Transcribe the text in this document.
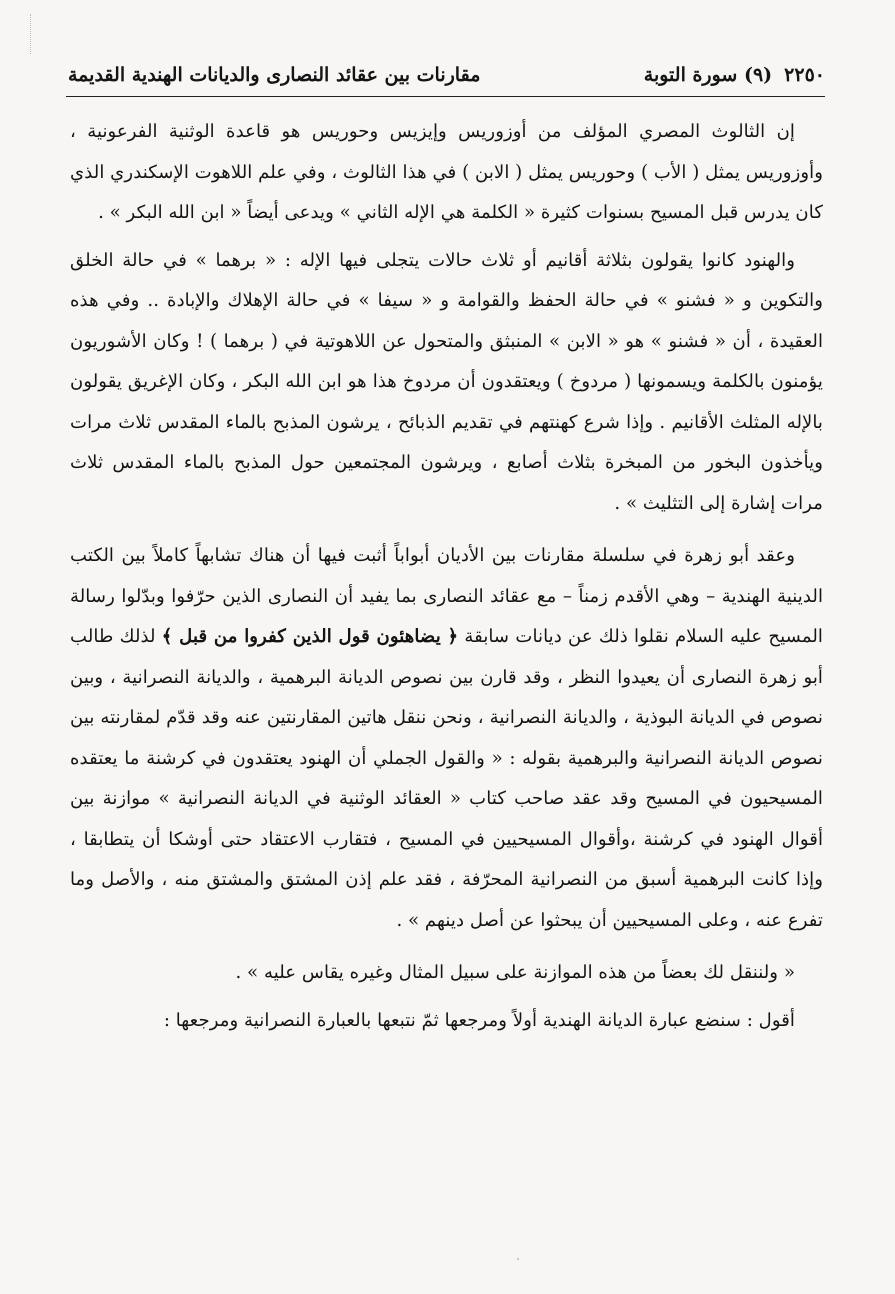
٢٢٥٠
(٩) سورة التوبة
مقارنات بين عقائد النصارى والديانات الهندية القديمة

إن الثالوث المصري المؤلف من أوزوريس وإيزيس وحوريس هو قاعدة الوثنية الفرعونية ، وأوزوريس يمثل ( الأب ) وحوريس يمثل ( الابن ) في هذا الثالوث ، وفي علم اللاهوت الإسكندري الذي كان يدرس قبل المسيح بسنوات كثيرة « الكلمة هي الإله الثاني » ويدعى أيضاً « ابن الله البكر » .

والهنود كانوا يقولون بثلاثة أقانيم أو ثلاث حالات يتجلى فيها الإله : « برهما » في حالة الخلق والتكوين و « فشنو » في حالة الحفظ والقوامة و « سيفا » في حالة الإهلاك والإبادة .. وفي هذه العقيدة ، أن « فشنو » هو « الابن » المنبثق والمتحول عن اللاهوتية في ( برهما ) ! وكان الأشوريون يؤمنون بالكلمة ويسمونها ( مردوخ ) ويعتقدون أن مردوخ هذا هو ابن الله البكر ، وكان الإغريق يقولون بالإله المثلث الأقانيم . وإذا شرع كهنتهم في تقديم الذبائح ، يرشون المذبح بالماء المقدس ثلاث مرات ويأخذون البخور من المبخرة بثلاث أصابع ، ويرشون المجتمعين حول المذبح بالماء المقدس ثلاث مرات إشارة إلى التثليث » .

وعقد أبو زهرة في سلسلة مقارنات بين الأديان أبواباً أثبت فيها أن هناك تشابهاً كاملاً بين الكتب الدينية الهندية – وهي الأقدم زمناً – مع عقائد النصارى بما يفيد أن النصارى الذين حرّفوا وبدّلوا رسالة المسيح عليه السلام نقلوا ذلك عن ديانات سابقة ﴿ يضاهئون قول الذين كفروا من قبل ﴾ لذلك طالب أبو زهرة النصارى أن يعيدوا النظر ، وقد قارن بين نصوص الديانة البرهمية ، والديانة النصرانية ، وبين نصوص في الديانة البوذية ، والديانة النصرانية ، ونحن ننقل هاتين المقارنتين عنه وقد قدّم لمقارنته بين نصوص الديانة النصرانية والبرهمية بقوله : « والقول الجملي أن الهنود يعتقدون في كرشنة ما يعتقده المسيحيون في المسيح وقد عقد صاحب كتاب « العقائد الوثنية في الديانة النصرانية » موازنة بين أقوال الهنود في كرشنة ،وأقوال المسيحيين في المسيح ، فتقارب الاعتقاد حتى أوشكا أن يتطابقا ، وإذا كانت البرهمية أسبق من النصرانية المحرّفة ، فقد علم إذن المشتق والمشتق منه ، والأصل وما تفرع عنه ، وعلى المسيحيين أن يبحثوا عن أصل دينهم » .

« ولننقل لك بعضاً من هذه الموازنة على سبيل المثال وغيره يقاس عليه » .

أقول : سنضع عبارة الديانة الهندية أولاً ومرجعها ثمّ نتبعها بالعبارة النصرانية ومرجعها :
